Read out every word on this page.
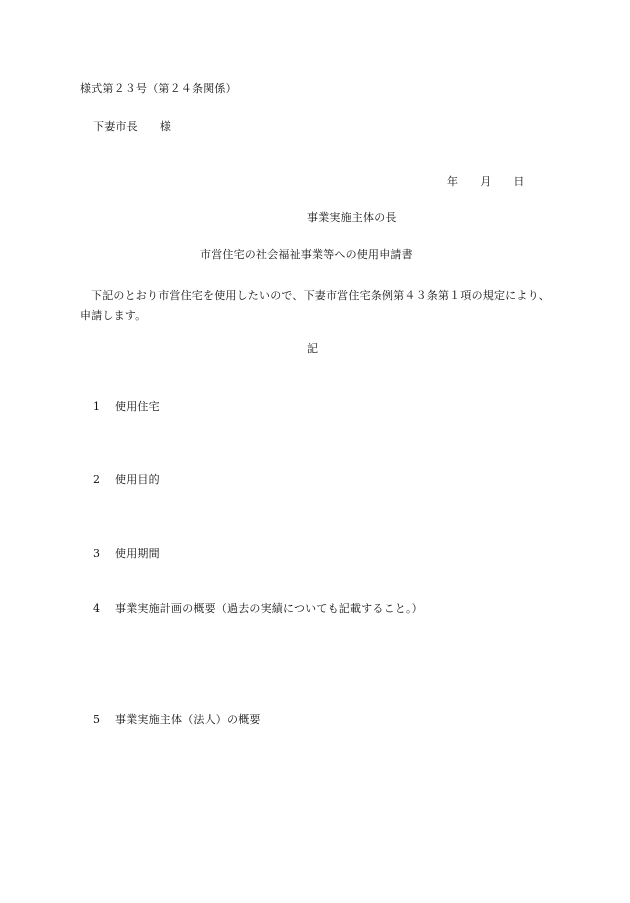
様式第２３号（第２４条関係）
下妻市長 様
年 月 日
事業実施主体の長
市営住宅の社会福祉事業等への使用申請書
下記のとおり市営住宅を使用したいので、下妻市営住宅条例第４３条第１項の規定により、申請します。
記
1 使用住宅
2 使用目的
3 使用期間
4 事業実施計画の概要（過去の実績についても記載すること。）
5 事業実施主体（法人）の概要
